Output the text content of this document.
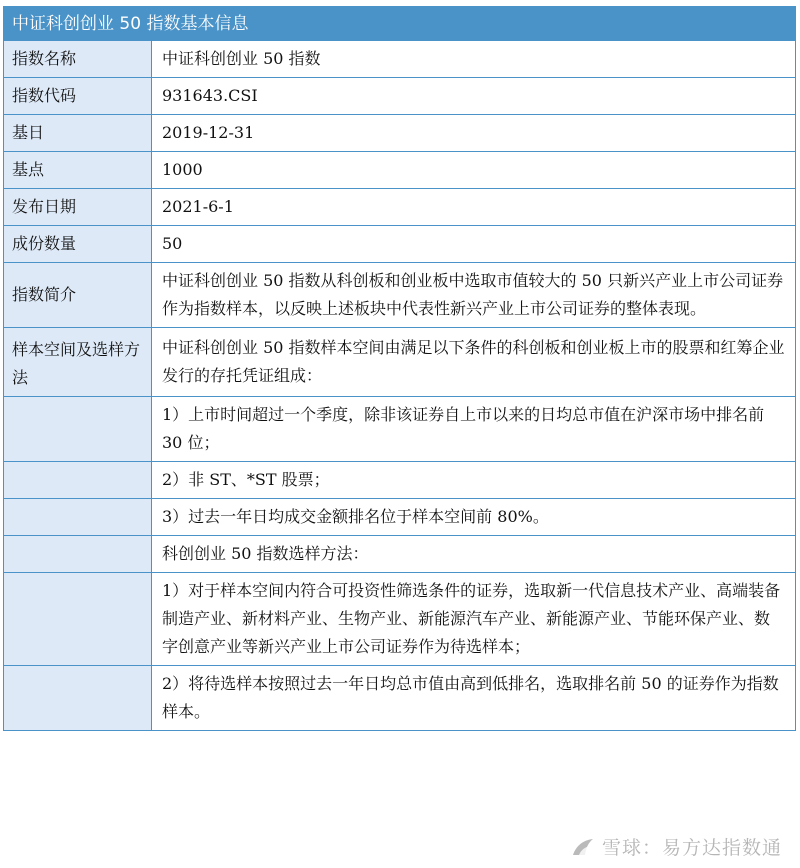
中证科创创业 50 指数基本信息
指数名称	中证科创创业 50 指数
指数代码	931643.CSI
基日	2019-12-31
基点	1000
发布日期	2021-6-1
成份数量	50
指数简介	中证科创创业 50 指数从科创板和创业板中选取市值较大的 50 只新兴产业上市公司证券作为指数样本，以反映上述板块中代表性新兴产业上市公司证券的整体表现。
样本空间及选样方法	中证科创创业 50 指数样本空间由满足以下条件的科创板和创业板上市的股票和红筹企业发行的存托凭证组成：
	1）上市时间超过一个季度，除非该证券自上市以来的日均总市值在沪深市场中排名前 30 位；
	2）非 ST、*ST 股票；
	3）过去一年日均成交金额排名位于样本空间前 80%。
	科创创业 50 指数选样方法：
	1）对于样本空间内符合可投资性筛选条件的证券，选取新一代信息技术产业、高端装备制造产业、新材料产业、生物产业、新能源汽车产业、新能源产业、节能环保产业、数字创意产业等新兴产业上市公司证券作为待选样本；
	2）将待选样本按照过去一年日均总市值由高到低排名，选取排名前 50 的证券作为指数样本。
雪球：易方达指数通
